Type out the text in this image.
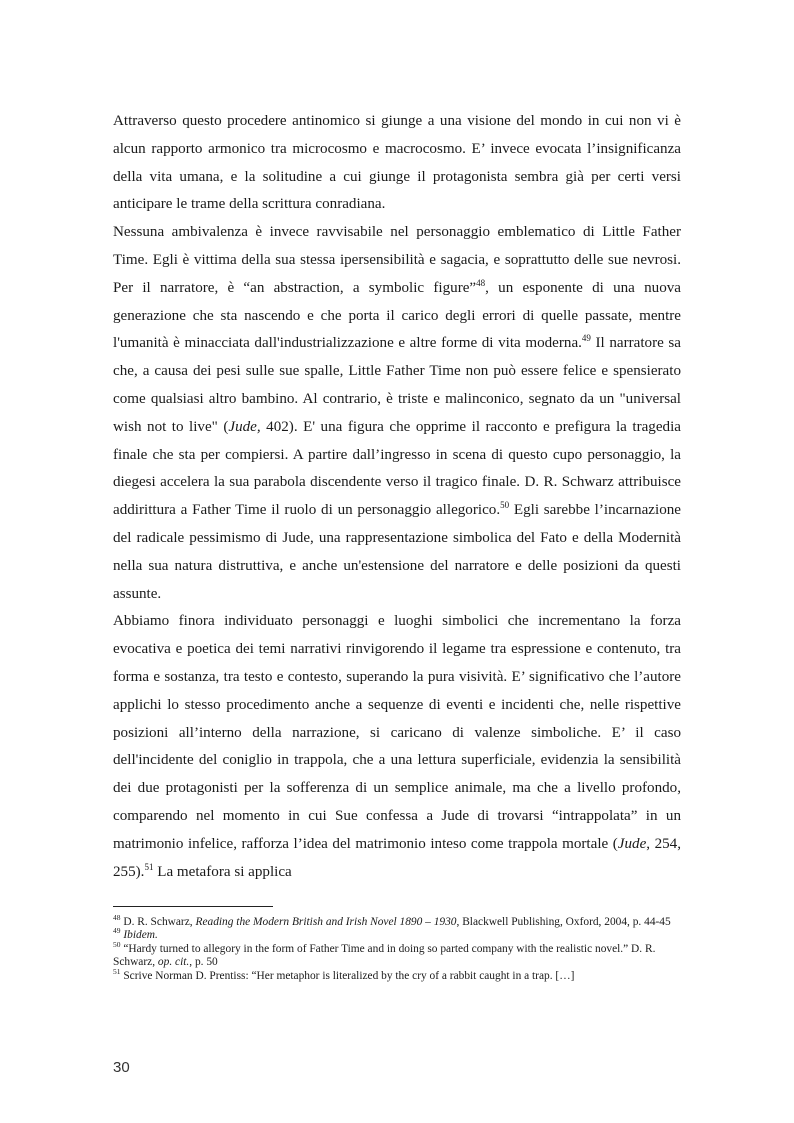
Attraverso questo procedere antinomico si giunge a una visione del mondo in cui non vi è alcun rapporto armonico tra microcosmo e macrocosmo. E’ invece evocata l’insignificanza della vita umana, e la solitudine a cui giunge il protagonista sembra già per certi versi anticipare le trame della scrittura conradiana.

Nessuna ambivalenza è invece ravvisabile nel personaggio emblematico di Little Father Time. Egli è vittima della sua stessa ipersensibilità e sagacia, e soprattutto delle sue nevrosi. Per il narratore, è “an abstraction, a symbolic figure”$^{48}$, un esponente di una nuova generazione che sta nascendo e che porta il carico degli errori di quelle passate, mentre l'umanità è minacciata dall'industrializzazione e altre forme di vita moderna.$^{49}$ Il narratore sa che, a causa dei pesi sulle sue spalle, Little Father Time non può essere felice e spensierato come qualsiasi altro bambino. Al contrario, è triste e malinconico, segnato da un "universal wish not to live" (Jude, 402). E' una figura che opprime il racconto e prefigura la tragedia finale che sta per compiersi. A partire dall’ingresso in scena di questo cupo personaggio, la diegesi accelera la sua parabola discendente verso il tragico finale. D. R. Schwarz attribuisce addirittura a Father Time il ruolo di un personaggio allegorico.$^{50}$ Egli sarebbe l’incarnazione del radicale pessimismo di Jude, una rappresentazione simbolica del Fato e della Modernità nella sua natura distruttiva, e anche un'estensione del narratore e delle posizioni da questi assunte.

Abbiamo finora individuato personaggi e luoghi simbolici che incrementano la forza evocativa e poetica dei temi narrativi rinvigorendo il legame tra espressione e contenuto, tra forma e sostanza, tra testo e contesto, superando la pura visività. E’ significativo che l’autore applichi lo stesso procedimento anche a sequenze di eventi e incidenti che, nelle rispettive posizioni all’interno della narrazione, si caricano di valenze simboliche. E’ il caso dell'incidente del coniglio in trappola, che a una lettura superficiale, evidenzia la sensibilità dei due protagonisti per la sofferenza di un semplice animale, ma che a livello profondo, comparendo nel momento in cui Sue confessa a Jude di trovarsi “intrappolata” in un matrimonio infelice, rafforza l’idea del matrimonio inteso come trappola mortale (Jude, 254, 255).$^{51}$ La metafora si applica

$^{48}$ D. R. Schwarz, Reading the Modern British and Irish Novel 1890 – 1930, Blackwell Publishing, Oxford, 2004, p. 44-45

$^{49}$ Ibidem.

$^{50}$ “Hardy turned to allegory in the form of Father Time and in doing so parted company with the realistic novel.” D. R. Schwarz, op. cit., p. 50

$^{51}$ Scrive Norman D. Prentiss: “Her metaphor is literalized by the cry of a rabbit caught in a trap. […]

30
